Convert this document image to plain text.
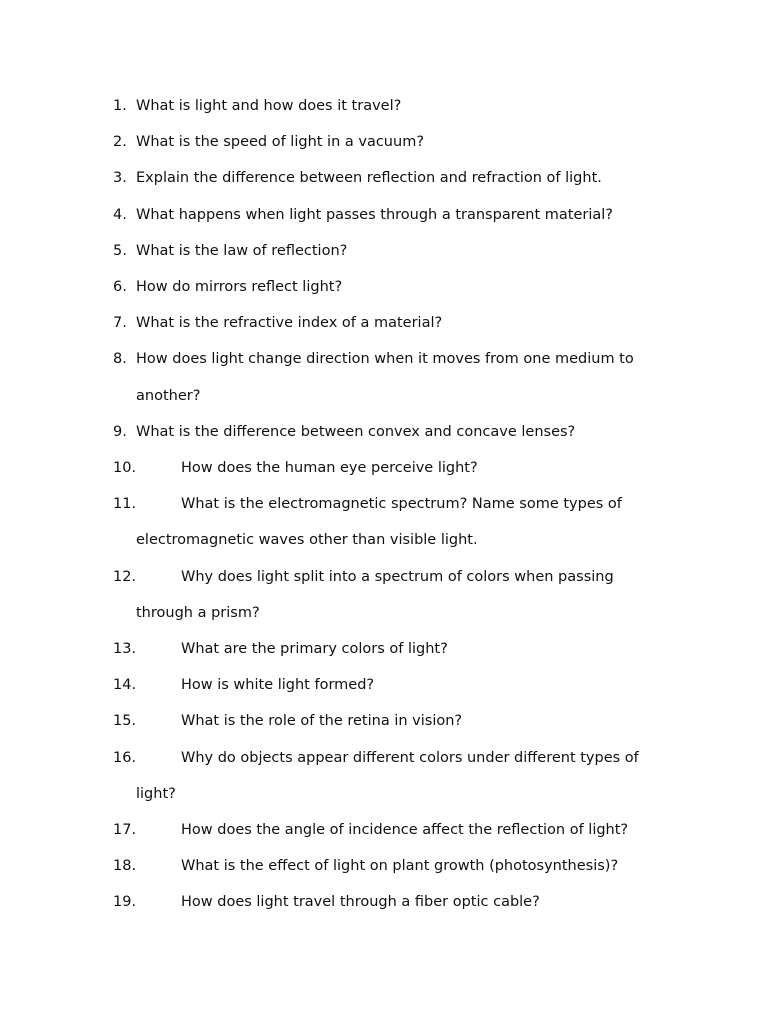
1. What is light and how does it travel?
2. What is the speed of light in a vacuum?
3. Explain the difference between reflection and refraction of light.
4. What happens when light passes through a transparent material?
5. What is the law of reflection?
6. How do mirrors reflect light?
7. What is the refractive index of a material?
8. How does light change direction when it moves from one medium to
another?
9. What is the difference between convex and concave lenses?
10.	How does the human eye perceive light?
11.	What is the electromagnetic spectrum? Name some types of
electromagnetic waves other than visible light.
12.	Why does light split into a spectrum of colors when passing
through a prism?
13.	What are the primary colors of light?
14.	How is white light formed?
15.	What is the role of the retina in vision?
16.	Why do objects appear different colors under different types of
light?
17.	How does the angle of incidence affect the reflection of light?
18.	What is the effect of light on plant growth (photosynthesis)?
19.	How does light travel through a fiber optic cable?
